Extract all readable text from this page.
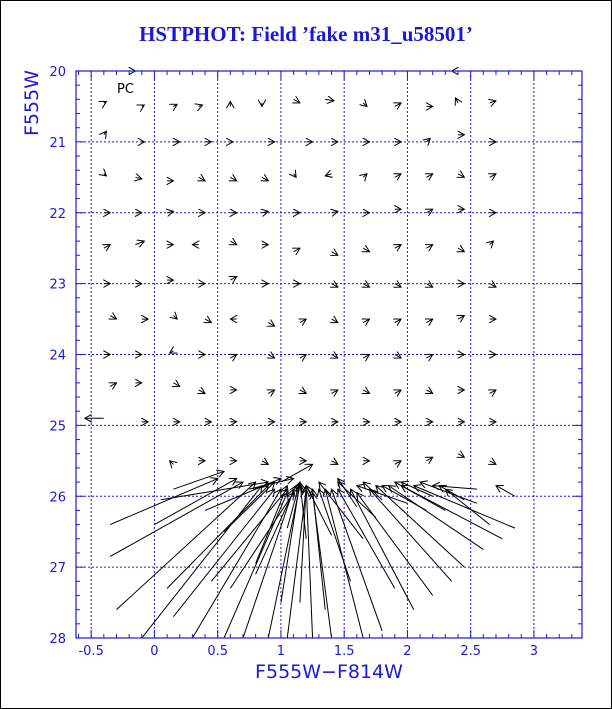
HSTPHOT: Field ’fake m31_u58501’
-0.5	0	0.5	1	1.5	2	2.5	3
20
21
22
23
24
25
26
27
28
PC
F555W−F814W
F555W
